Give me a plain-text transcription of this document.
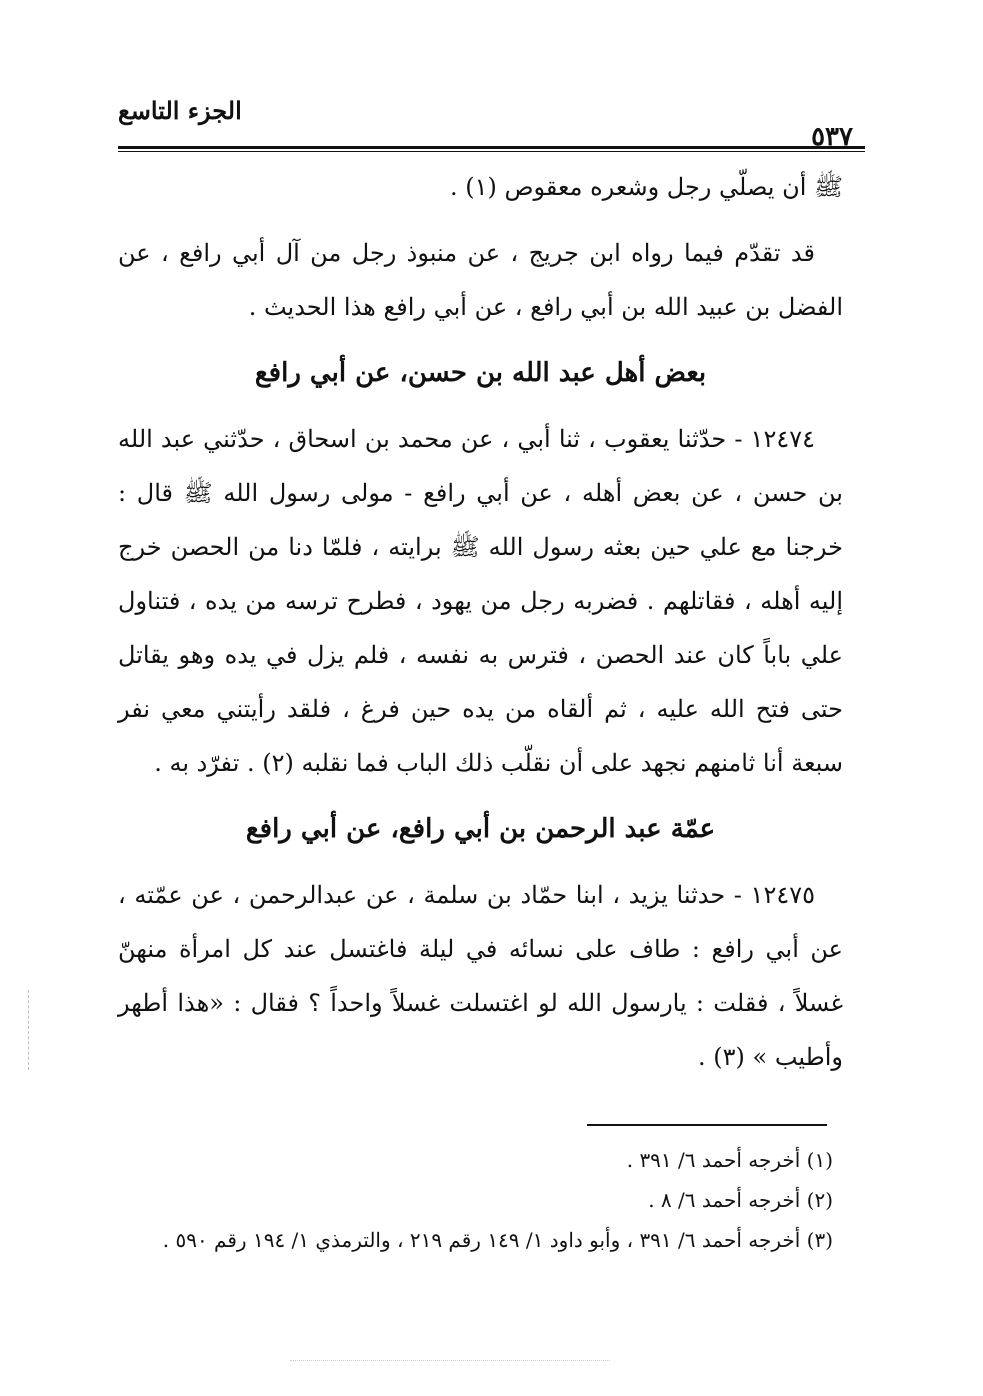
الجزء التاسع
٥٣٧

ﷺ أن يصلّي رجل وشعره معقوص (١) .

قد تقدّم فيما رواه ابن جريج ، عن منبوذ رجل من آل أبي رافع ، عن الفضل بن عبيد الله بن أبي رافع ، عن أبي رافع هذا الحديث .

بعض أهل عبد الله بن حسن، عن أبي رافع

١٢٤٧٤ - حدّثنا يعقوب ، ثنا أبي ، عن محمد بن اسحاق ، حدّثني عبد الله بن حسن ، عن بعض أهله ، عن أبي رافع - مولى رسول الله ﷺ قال : خرجنا مع علي حين بعثه رسول الله ﷺ برايته ، فلمّا دنا من الحصن خرج إليه أهله ، فقاتلهم . فضربه رجل من يهود ، فطرح ترسه من يده ، فتناول علي باباً كان عند الحصن ، فترس به نفسه ، فلم يزل في يده وهو يقاتل حتى فتح الله عليه ، ثم ألقاه من يده حين فرغ ، فلقد رأيتني معي نفر سبعة أنا ثامنهم نجهد على أن نقلّب ذلك الباب فما نقلبه (٢) . تفرّد به .

عمّة عبد الرحمن بن أبي رافع، عن أبي رافع

١٢٤٧٥ - حدثنا يزيد ، ابنا حمّاد بن سلمة ، عن عبدالرحمن ، عن عمّته ، عن أبي رافع : طاف على نسائه في ليلة فاغتسل عند كل امرأة منهنّ غسلاً ، فقلت : يارسول الله لو اغتسلت غسلاً واحداً ؟ فقال : «هذا أطهر وأطيب » (٣) .

(١) أخرجه أحمد ٦/ ٣٩١ .
(٢) أخرجه أحمد ٦/ ٨ .
(٣) أخرجه أحمد ٦/ ٣٩١ ، وأبو داود ١/ ١٤٩ رقم ٢١٩ ، والترمذي ١/ ١٩٤ رقم ٥٩٠ .
